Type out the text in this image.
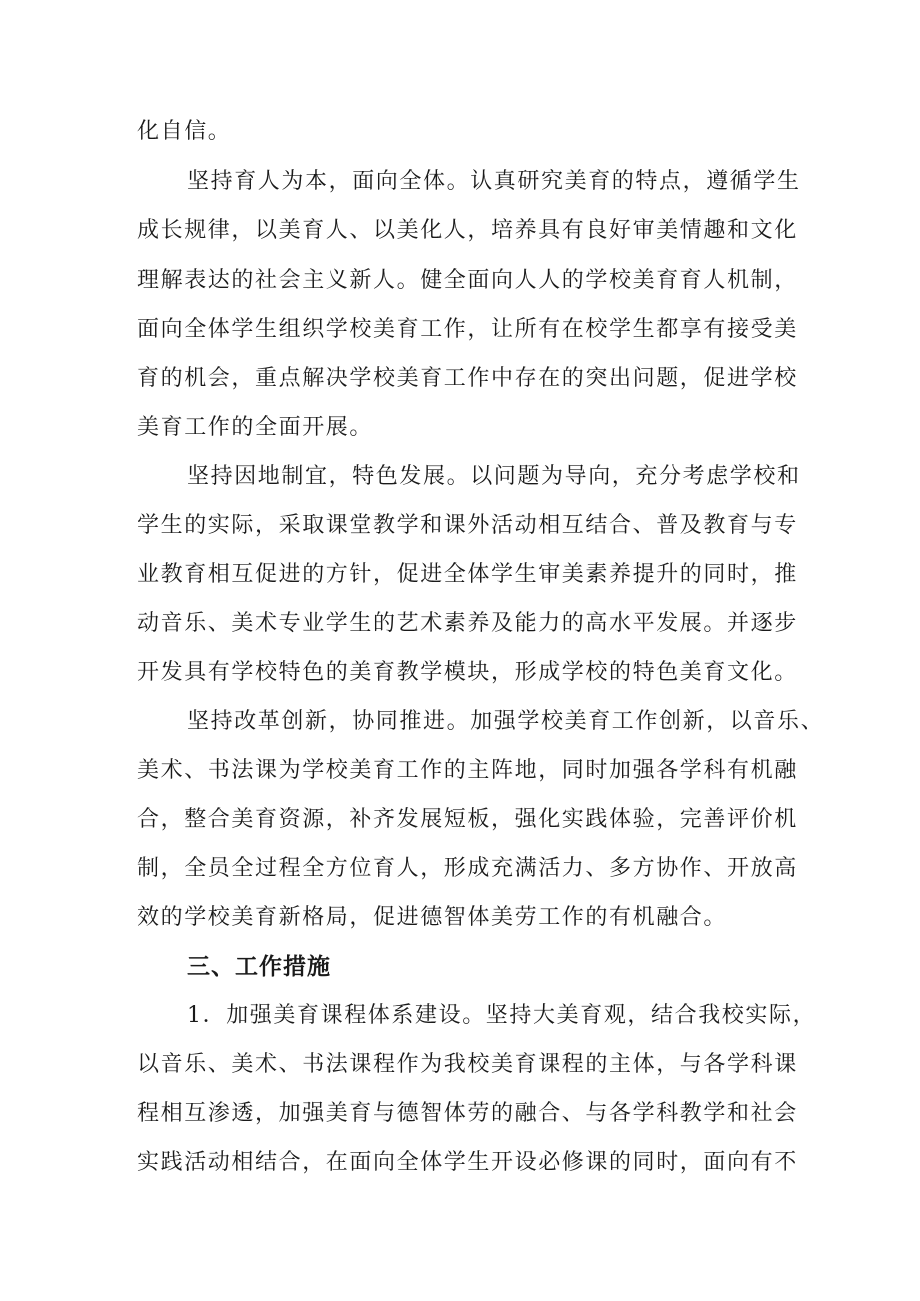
化自信。
坚持育人为本，面向全体。认真研究美育的特点，遵循学生
成长规律，以美育人、以美化人，培养具有良好审美情趣和文化
理解表达的社会主义新人。健全面向人人的学校美育育人机制，
面向全体学生组织学校美育工作，让所有在校学生都享有接受美
育的机会，重点解决学校美育工作中存在的突出问题，促进学校
美育工作的全面开展。
坚持因地制宜，特色发展。以问题为导向，充分考虑学校和
学生的实际，采取课堂教学和课外活动相互结合、普及教育与专
业教育相互促进的方针，促进全体学生审美素养提升的同时，推
动音乐、美术专业学生的艺术素养及能力的高水平发展。并逐步
开发具有学校特色的美育教学模块，形成学校的特色美育文化。
坚持改革创新，协同推进。加强学校美育工作创新，以音乐、
美术、书法课为学校美育工作的主阵地，同时加强各学科有机融
合，整合美育资源，补齐发展短板，强化实践体验，完善评价机
制，全员全过程全方位育人，形成充满活力、多方协作、开放高
效的学校美育新格局，促进德智体美劳工作的有机融合。
三、工作措施
1．加强美育课程体系建设。坚持大美育观，结合我校实际，
以音乐、美术、书法课程作为我校美育课程的主体，与各学科课
程相互渗透，加强美育与德智体劳的融合、与各学科教学和社会
实践活动相结合，在面向全体学生开设必修课的同时，面向有不
